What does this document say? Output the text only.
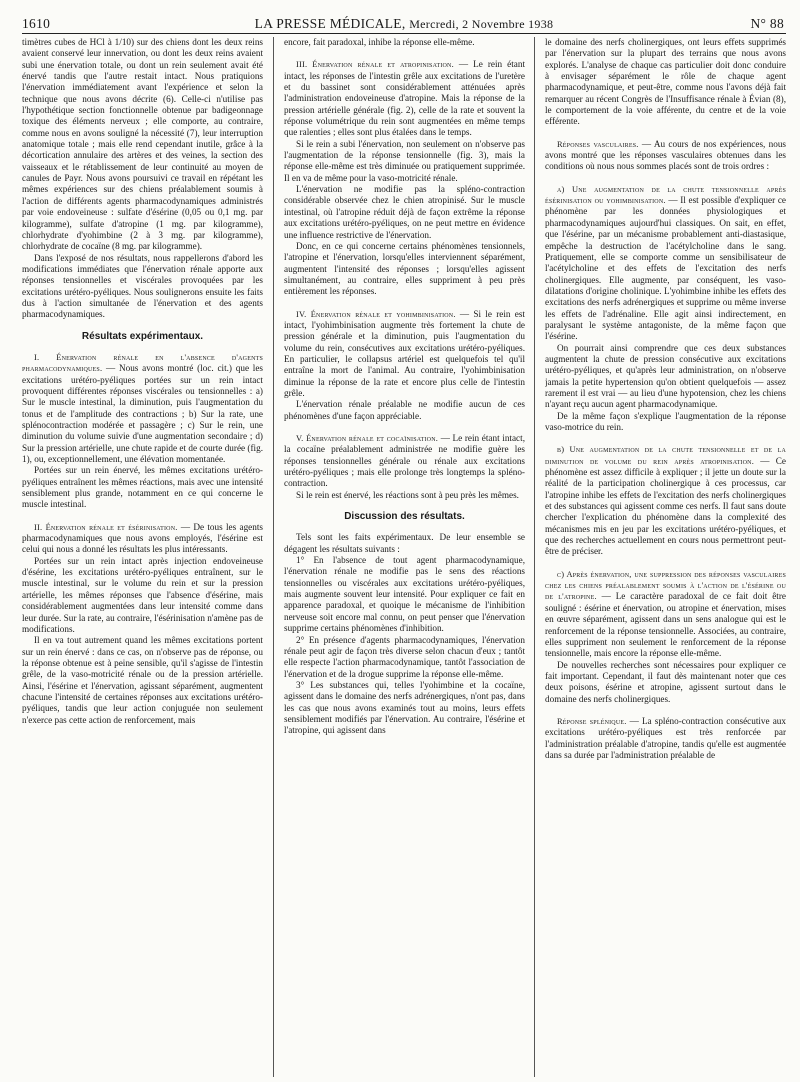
1610	LA PRESSE MÉDICALE, Mercredi, 2 Novembre 1938	N° 88

timètres cubes de HCl à 1/10) sur des chiens dont les deux reins avaient conservé leur innervation, ou dont les deux reins avaient subi une énervation totale, ou dont un rein seulement avait été énervé tandis que l'autre restait intact. Nous pratiquions l'énervation immédiatement avant l'expérience et selon la technique que nous avons décrite (6). Celle-ci n'utilise pas l'hypothétique section fonctionnelle obtenue par badigeonnage toxique des éléments nerveux ; elle comporte, au contraire, comme nous en avons souligné la nécessité (7), leur interruption anatomique totale ; mais elle rend cependant inutile, grâce à la décortication annulaire des artères et des veines, la section des vaisseaux et le rétablissement de leur continuité au moyen de canules de Payr. Nous avons poursuivi ce travail en répétant les mêmes expériences sur des chiens préalablement soumis à l'action de différents agents pharmacodynamiques administrés par voie endoveineuse : sulfate d'ésérine (0,05 ou 0,1 mg. par kilogramme), sulfate d'atropine (1 mg. par kilogramme), chlorhydrate d'yohimbine (2 à 3 mg. par kilogramme), chlorhydrate de cocaïne (8 mg. par kilogramme).

Dans l'exposé de nos résultats, nous rappellerons d'abord les modifications immédiates que l'énervation rénale apporte aux réponses tensionnelles et viscérales provoquées par les excitations urétéro-pyéliques. Nous soulignerons ensuite les faits dus à l'action simultanée de l'énervation et des agents pharmacodynamiques.

Résultats expérimentaux.

I. Énervation rénale en l'absence d'agents pharmacodynamiques. — Nous avons montré (loc. cit.) que les excitations urétéro-pyéliques portées sur un rein intact provoquent différentes réponses viscérales ou tensionnelles : a) Sur le muscle intestinal, la diminution, puis l'augmentation du tonus et de l'amplitude des contractions ; b) Sur la rate, une splénocontraction modérée et passagère ; c) Sur le rein, une diminution du volume suivie d'une augmentation secondaire ; d) Sur la pression artérielle, une chute rapide et de courte durée (fig. 1), ou, exceptionnellement, une élévation momentanée.

Portées sur un rein énervé, les mêmes excitations urétéro-pyéliques entraînent les mêmes réactions, mais avec une intensité sensiblement plus grande, notamment en ce qui concerne le muscle intestinal.

II. Énervation rénale et ésérinisation. — De tous les agents pharmacodynamiques que nous avons employés, l'ésérine est celui qui nous a donné les résultats les plus intéressants.

Portées sur un rein intact après injection endoveineuse d'ésérine, les excitations urétéro-pyéliques entraînent, sur le muscle intestinal, sur le volume du rein et sur la pression artérielle, les mêmes réponses que l'absence d'ésérine, mais considérablement augmentées dans leur intensité comme dans leur durée. Sur la rate, au contraire, l'ésérinisation n'amène pas de modifications.

Il en va tout autrement quand les mêmes excitations portent sur un rein énervé : dans ce cas, on n'observe pas de réponse, ou la réponse obtenue est à peine sensible, qu'il s'agisse de l'intestin grêle, de la vaso-motricité rénale ou de la pression artérielle. Ainsi, l'ésérine et l'énervation, agissant séparément, augmentent chacune l'intensité de certaines réponses aux excitations urétéro-pyéliques, tandis que leur action conjuguée non seulement n'exerce pas cette action de renforcement, mais

encore, fait paradoxal, inhibe la réponse elle-même.

III. Énervation rénale et atropinisation. — Le rein étant intact, les réponses de l'intestin grêle aux excitations de l'uretère et du bassinet sont considérablement atténuées après l'administration endoveineuse d'atropine. Mais la réponse de la pression artérielle générale (fig. 2), celle de la rate et souvent la réponse volumétrique du rein sont augmentées en même temps que ralenties ; elles sont plus étalées dans le temps.

Si le rein a subi l'énervation, non seulement on n'observe pas l'augmentation de la réponse tensionnelle (fig. 3), mais la réponse elle-même est très diminuée ou pratiquement supprimée. Il en va de même pour la vaso-motricité rénale.

L'énervation ne modifie pas la spléno-contraction considérable observée chez le chien atropinisé. Sur le muscle intestinal, où l'atropine réduit déjà de façon extrême la réponse aux excitations urétéro-pyéliques, on ne peut mettre en évidence une influence restrictive de l'énervation.

Donc, en ce qui concerne certains phénomènes tensionnels, l'atropine et l'énervation, lorsqu'elles interviennent séparément, augmentent l'intensité des réponses ; lorsqu'elles agissent simultanément, au contraire, elles suppriment à peu près entièrement les réponses.

IV. Énervation rénale et yohimbinisation. — Si le rein est intact, l'yohimbinisation augmente très fortement la chute de pression générale et la diminution, puis l'augmentation du volume du rein, consécutives aux excitations urétéro-pyéliques. En particulier, le collapsus artériel est quelquefois tel qu'il entraîne la mort de l'animal. Au contraire, l'yohimbinisation diminue la réponse de la rate et encore plus celle de l'intestin grêle.

L'énervation rénale préalable ne modifie aucun de ces phénomènes d'une façon appréciable.

V. Énervation rénale et cocaïnisation. — Le rein étant intact, la cocaïne préalablement administrée ne modifie guère les réponses tensionnelles générale ou rénale aux excitations urétéro-pyéliques ; mais elle prolonge très longtemps la spléno-contraction.

Si le rein est énervé, les réactions sont à peu près les mêmes.

Discussion des résultats.

Tels sont les faits expérimentaux. De leur ensemble se dégagent les résultats suivants :

1° En l'absence de tout agent pharmacodynamique, l'énervation rénale ne modifie pas le sens des réactions tensionnelles ou viscérales aux excitations urétéro-pyéliques, mais augmente souvent leur intensité. Pour expliquer ce fait en apparence paradoxal, et quoique le mécanisme de l'inhibition nerveuse soit encore mal connu, on peut penser que l'énervation supprime certains phénomènes d'inhibition.

2° En présence d'agents pharmacodynamiques, l'énervation rénale peut agir de façon très diverse selon chacun d'eux ; tantôt elle respecte l'action pharmacodynamique, tantôt l'association de l'énervation et de la drogue supprime la réponse elle-même.

3° Les substances qui, telles l'yohimbine et la cocaïne, agissent dans le domaine des nerfs adrénergiques, n'ont pas, dans les cas que nous avons examinés tout au moins, leurs effets sensiblement modifiés par l'énervation. Au contraire, l'ésérine et l'atropine, qui agissent dans

le domaine des nerfs cholinergiques, ont leurs effets supprimés par l'énervation sur la plupart des terrains que nous avons explorés. L'analyse de chaque cas particulier doit donc conduire à envisager séparément le rôle de chaque agent pharmacodynamique, et peut-être, comme nous l'avons déjà fait remarquer au récent Congrès de l'Insuffisance rénale à Évian (8), le comportement de la voie afférente, du centre et de la voie efférente.

Réponses vasculaires. — Au cours de nos expériences, nous avons montré que les réponses vasculaires obtenues dans les conditions où nous nous sommes placés sont de trois ordres :

a) Une augmentation de la chute tensionnelle après ésérinisation ou yohimbinisation. — Il est possible d'expliquer ce phénomène par les données physiologiques et pharmacodynamiques aujourd'hui classiques. On sait, en effet, que l'ésérine, par un mécanisme probablement anti-diastasique, empêche la destruction de l'acétylcholine dans le sang. Pratiquement, elle se comporte comme un sensibilisateur de l'acétylcholine et des effets de l'excitation des nerfs cholinergiques. Elle augmente, par conséquent, les vaso-dilatations d'origine cholinique. L'yohimbine inhibe les effets des excitations des nerfs adrénergiques et supprime ou même inverse les effets de l'adrénaline. Elle agit ainsi indirectement, en paralysant le système antagoniste, de la même façon que l'ésérine.

On pourrait ainsi comprendre que ces deux substances augmentent la chute de pression consécutive aux excitations urétéro-pyéliques, et qu'après leur administration, on n'observe jamais la petite hypertension qu'on obtient quelquefois — assez rarement il est vrai — au lieu d'une hypotension, chez les chiens n'ayant reçu aucun agent pharmacodynamique.

De la même façon s'explique l'augmentation de la réponse vaso-motrice du rein.

b) Une augmentation de la chute tensionnelle et de la diminution de volume du rein après atropinisation. — Ce phénomène est assez difficile à expliquer ; il jette un doute sur la réalité de la participation cholinergique à ces processus, car l'atropine inhibe les effets de l'excitation des nerfs cholinergiques et des substances qui agissent comme ces nerfs. Il faut sans doute chercher l'explication du phénomène dans la complexité des mécanismes mis en jeu par les excitations urétéro-pyéliques, et que des recherches actuellement en cours nous permettront peut-être de préciser.

c) Après énervation, une suppression des réponses vasculaires chez les chiens préalablement soumis à l'action de l'ésérine ou de l'atropine. — Le caractère paradoxal de ce fait doit être souligné : ésérine et énervation, ou atropine et énervation, mises en œuvre séparément, agissent dans un sens analogue qui est le renforcement de la réponse tensionnelle. Associées, au contraire, elles suppriment non seulement le renforcement de la réponse tensionnelle, mais encore la réponse elle-même.

De nouvelles recherches sont nécessaires pour expliquer ce fait important. Cependant, il faut dès maintenant noter que ces deux poisons, ésérine et atropine, agissent surtout dans le domaine des nerfs cholinergiques.

Réponse splénique. — La spléno-contraction consécutive aux excitations urétéro-pyéliques est très renforcée par l'administration préalable d'atropine, tandis qu'elle est augmentée dans sa durée par l'administration préalable de
